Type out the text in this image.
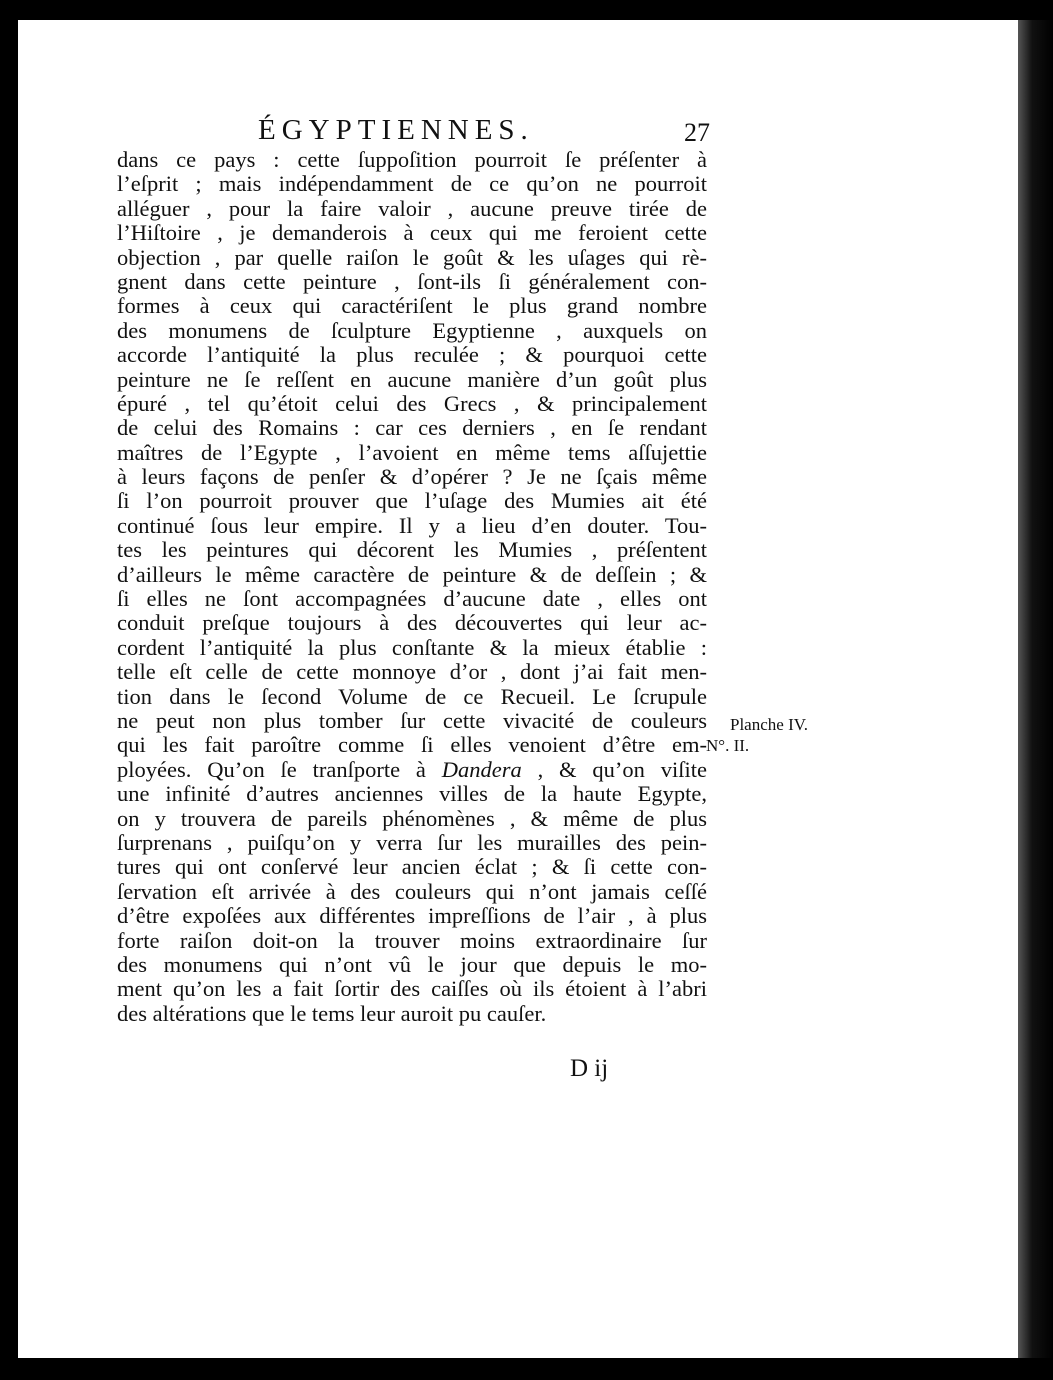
ÉGYPTIENNES.	27
dans ce pays : cette ſuppoſition pourroit ſe préſenter à
l’eſprit ; mais indépendamment de ce qu’on ne pourroit
alléguer , pour la faire valoir , aucune preuve tirée de
l’Hiſtoire , je demanderois à ceux qui me feroient cette
objection , par quelle raiſon le goût & les uſages qui rè-
gnent dans cette peinture , ſont-ils ſi généralement con-
formes à ceux qui caractériſent le plus grand nombre
des monumens de ſculpture Egyptienne , auxquels on
accorde l’antiquité la plus reculée ; & pourquoi cette
peinture ne ſe reſſent en aucune manière d’un goût plus
épuré , tel qu’étoit celui des Grecs , & principalement
de celui des Romains : car ces derniers , en ſe rendant
maîtres de l’Egypte , l’avoient en même tems aſſujettie
à leurs façons de penſer & d’opérer ? Je ne ſçais même
ſi l’on pourroit prouver que l’uſage des Mumies ait été
continué ſous leur empire. Il y a lieu d’en douter. Tou-
tes les peintures qui décorent les Mumies , préſentent
d’ailleurs le même caractère de peinture & de deſſein ; &
ſi elles ne ſont accompagnées d’aucune date , elles ont
conduit preſque toujours à des découvertes qui leur ac-
cordent l’antiquité la plus conſtante & la mieux établie :
telle eſt celle de cette monnoye d’or , dont j’ai fait men-
tion dans le ſecond Volume de ce Recueil. Le ſcrupule
ne peut non plus tomber ſur cette vivacité de couleurs
qui les fait paroître comme ſi elles venoient d’être em-
ployées. Qu’on ſe tranſporte à Dandera , & qu’on viſite
une infinité d’autres anciennes villes de la haute Egypte,
on y trouvera de pareils phénomènes , & même de plus
ſurprenans , puiſqu’on y verra ſur les murailles des pein-
tures qui ont conſervé leur ancien éclat ; & ſi cette con-
ſervation eſt arrivée à des couleurs qui n’ont jamais ceſſé
d’être expoſées aux différentes impreſſions de l’air , à plus
forte raiſon doit-on la trouver moins extraordinaire ſur
des monumens qui n’ont vû le jour que depuis le mo-
ment qu’on les a fait ſortir des caiſſes où ils étoient à l’abri
des altérations que le tems leur auroit pu cauſer.
Planche IV.
N°. II.
D ij
